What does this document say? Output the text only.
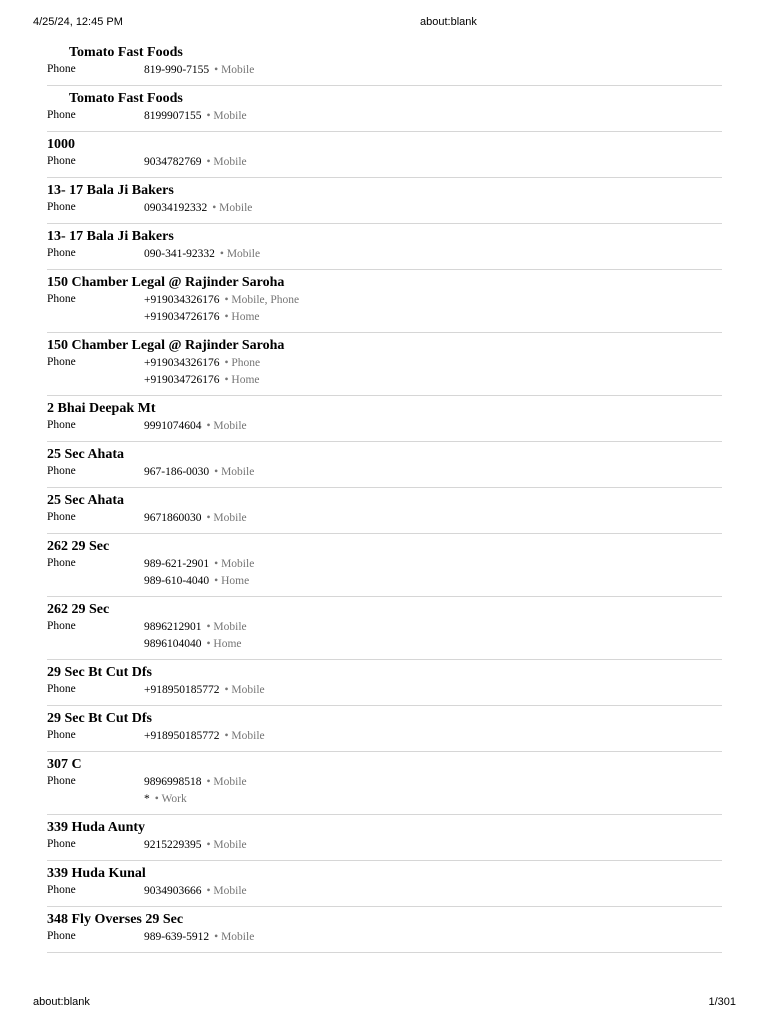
4/25/24, 12:45 PM	about:blank
Tomato Fast Foods
Phone	819-990-7155 • Mobile
Tomato Fast Foods
Phone	8199907155 • Mobile
1000
Phone	9034782769 • Mobile
13- 17 Bala Ji Bakers
Phone	09034192332 • Mobile
13- 17 Bala Ji Bakers
Phone	090-341-92332 • Mobile
150 Chamber Legal @ Rajinder Saroha
Phone	+919034326176 • Mobile, Phone
+919034726176 • Home
150 Chamber Legal @ Rajinder Saroha
Phone	+919034326176 • Phone
+919034726176 • Home
2 Bhai Deepak Mt
Phone	9991074604 • Mobile
25 Sec Ahata
Phone	967-186-0030 • Mobile
25 Sec Ahata
Phone	9671860030 • Mobile
262 29 Sec
Phone	989-621-2901 • Mobile
989-610-4040 • Home
262 29 Sec
Phone	9896212901 • Mobile
9896104040 • Home
29 Sec Bt Cut Dfs
Phone	+918950185772 • Mobile
29 Sec Bt Cut Dfs
Phone	+918950185772 • Mobile
307 C
Phone	9896998518 • Mobile
* • Work
339 Huda Aunty
Phone	9215229395 • Mobile
339 Huda Kunal
Phone	9034903666 • Mobile
348 Fly Overses 29 Sec
Phone	989-639-5912 • Mobile
about:blank	1/301
